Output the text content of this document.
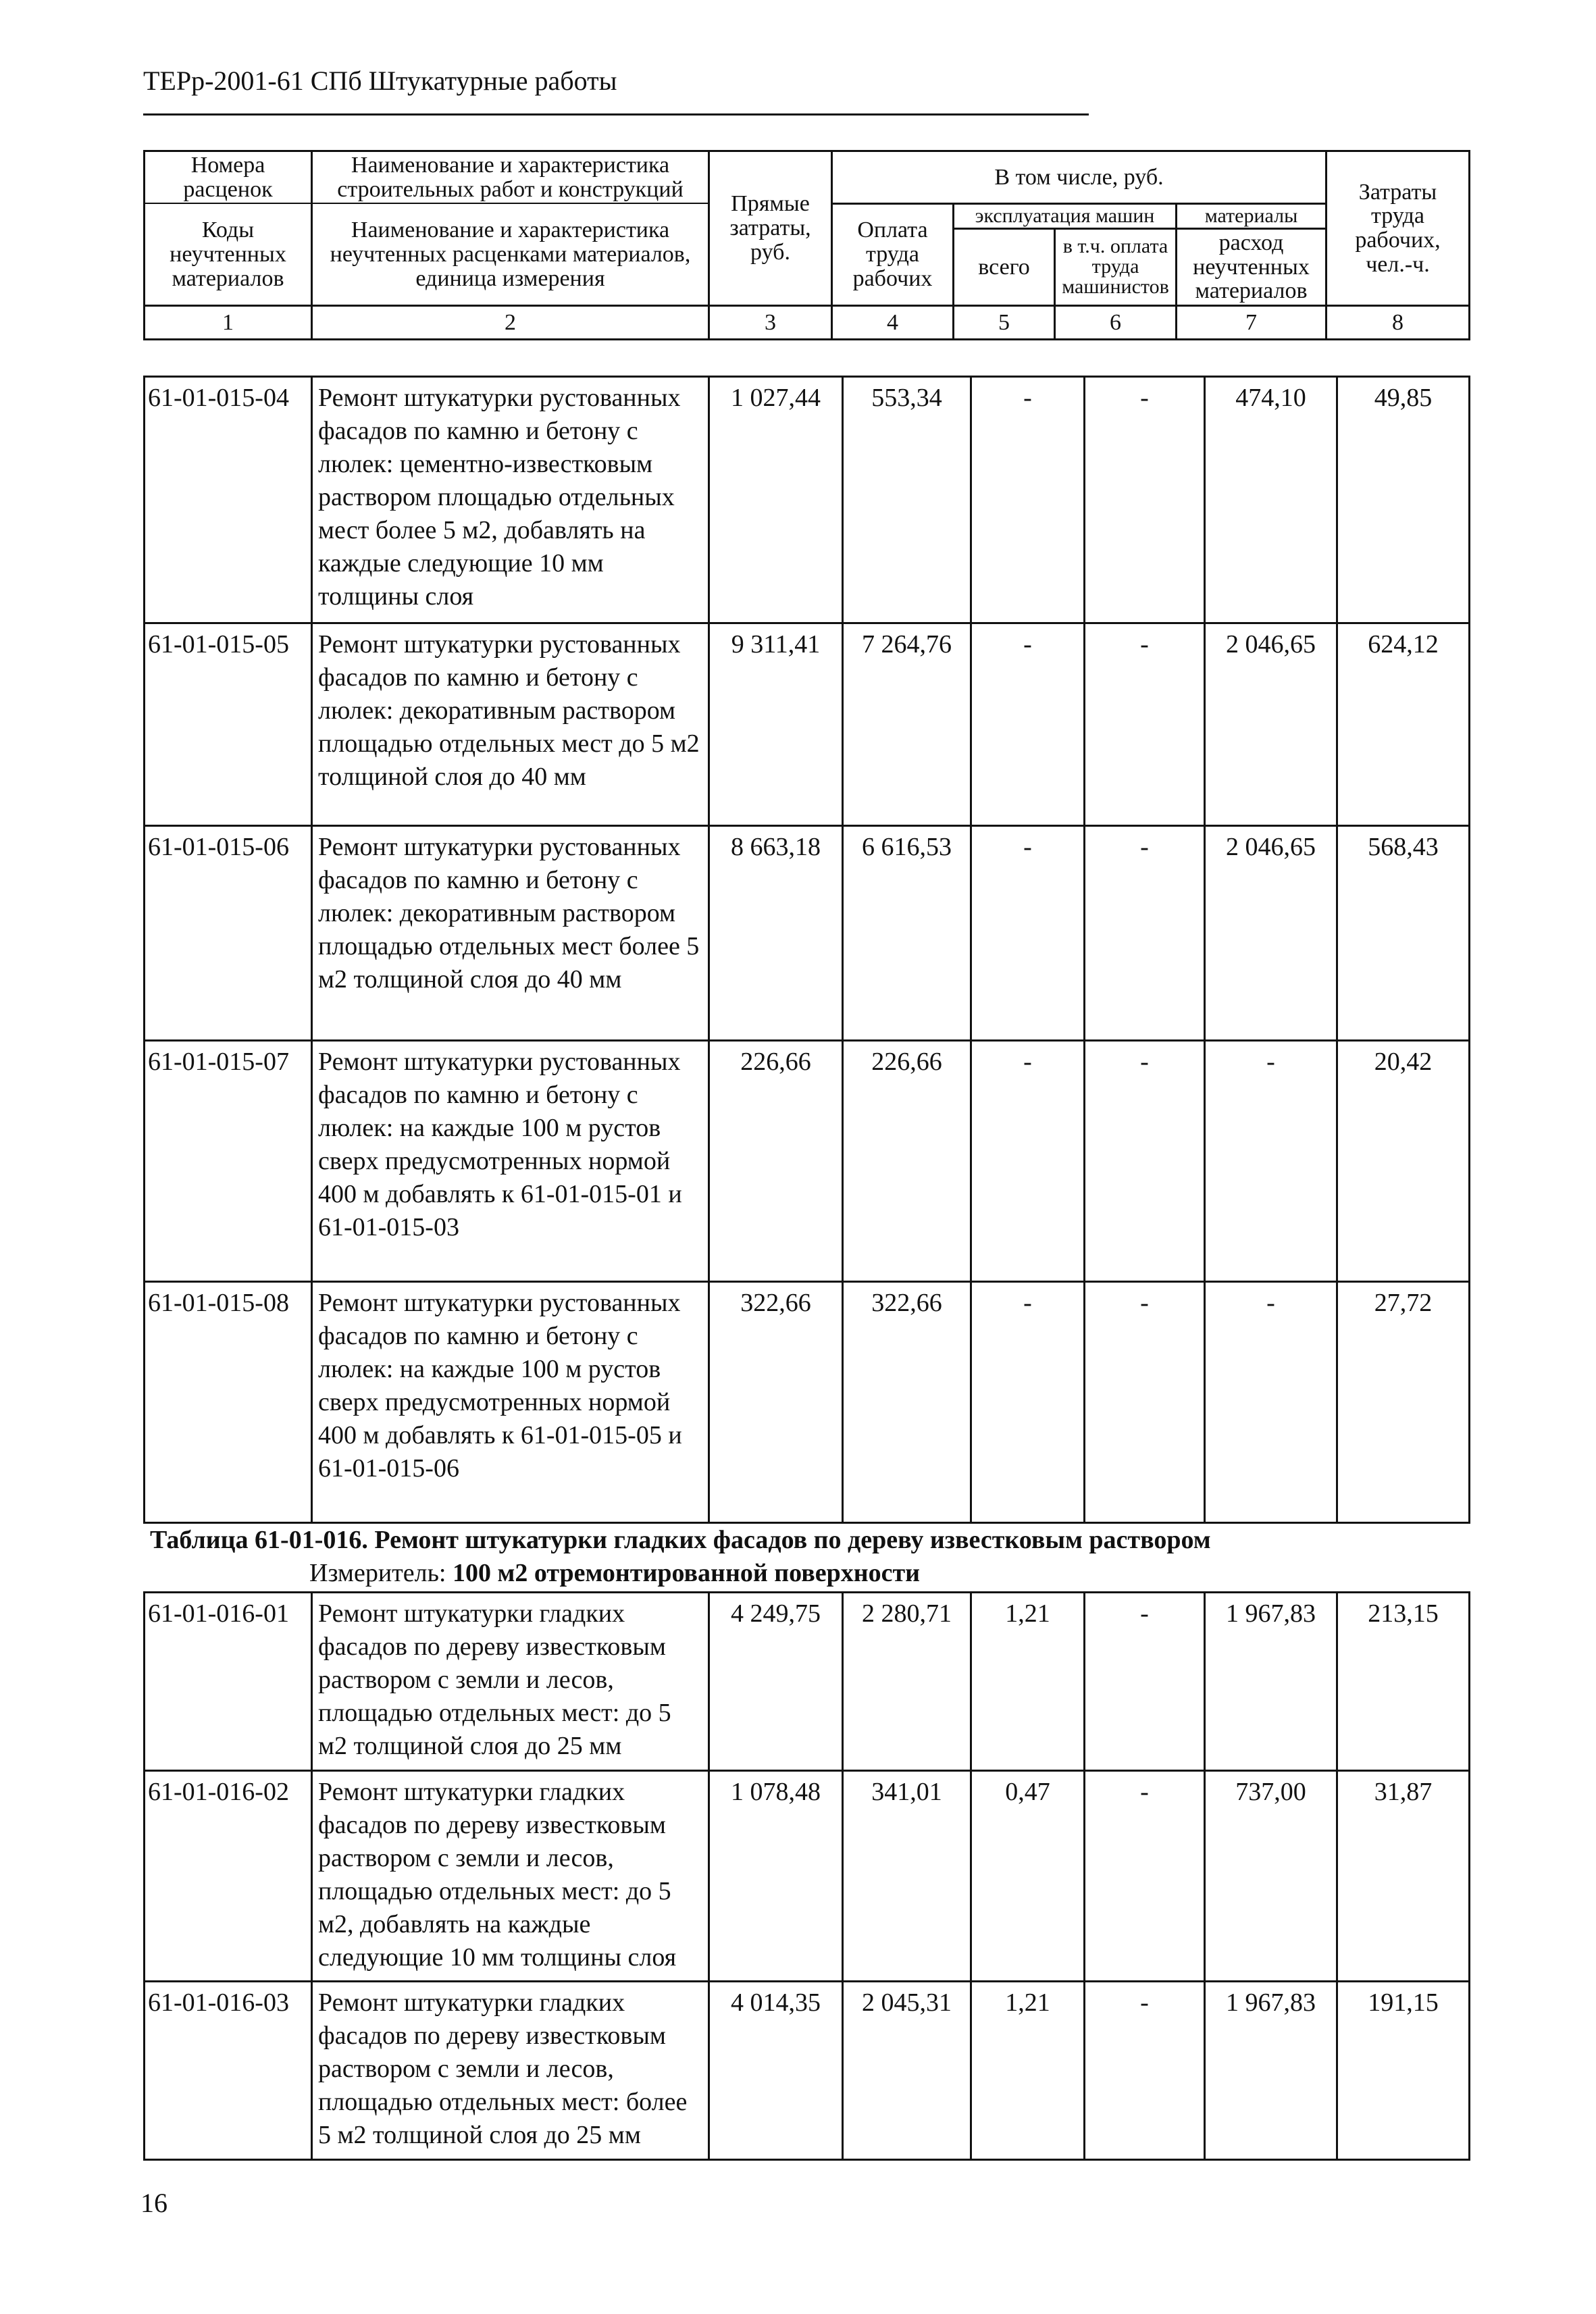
ТЕРр-2001-61 СПб Штукатурные работы
Номера расценок	Наименование и характеристика строительных работ и конструкций	Прямые затраты, руб.	В том числе, руб.				Затраты труда рабочих, чел.-ч.
Коды неучтенных материалов	Наименование и характеристика неучтенных расценками материалов, единица измерения		Оплата труда рабочих	эксплуатация машин		материалы	
				всего	в т.ч. оплата труда машинистов	расход неучтенных материалов	

1	2	3	4	5	6	7	8
61-01-015-04	Ремонт штукатурки рустованных фасадов по камню и бетону с люлек: цементно-известковым раствором площадью отдельных мест более 5 м2, добавлять на каждые следующие 10 мм толщины слоя	1 027,44	553,34	-	-	474,10	49,85
61-01-015-05	Ремонт штукатурки рустованных фасадов по камню и бетону с люлек: декоративным раствором площадью отдельных мест до 5 м2 толщиной слоя до 40 мм	9 311,41	7 264,76	-	-	2 046,65	624,12
61-01-015-06	Ремонт штукатурки рустованных фасадов по камню и бетону с люлек: декоративным раствором площадью отдельных мест более 5 м2 толщиной слоя до 40 мм	8 663,18	6 616,53	-	-	2 046,65	568,43
61-01-015-07	Ремонт штукатурки рустованных фасадов по камню и бетону с люлек: на каждые 100 м рустов сверх предусмотренных нормой 400 м добавлять к 61-01-015-01 и 61-01-015-03	226,66	226,66	-	-	-	20,42
61-01-015-08	Ремонт штукатурки рустованных фасадов по камню и бетону с люлек: на каждые 100 м рустов сверх предусмотренных нормой 400 м добавлять к 61-01-015-05 и 61-01-015-06	322,66	322,66	-	-	-	27,72
Таблица 61-01-016. Ремонт штукатурки гладких фасадов по дереву известковым раствором
Измеритель: 100 м2 отремонтированной поверхности
61-01-016-01	Ремонт штукатурки гладких фасадов по дереву известковым раствором с земли и лесов, площадью отдельных мест: до 5 м2 толщиной слоя до 25 мм	4 249,75	2 280,71	1,21	-	1 967,83	213,15
61-01-016-02	Ремонт штукатурки гладких фасадов по дереву известковым раствором с земли и лесов, площадью отдельных мест: до 5 м2, добавлять на каждые следующие 10 мм толщины слоя	1 078,48	341,01	0,47	-	737,00	31,87
61-01-016-03	Ремонт штукатурки гладких фасадов по дереву известковым раствором с земли и лесов, площадью отдельных мест: более 5 м2 толщиной слоя до 25 мм	4 014,35	2 045,31	1,21	-	1 967,83	191,15
16
